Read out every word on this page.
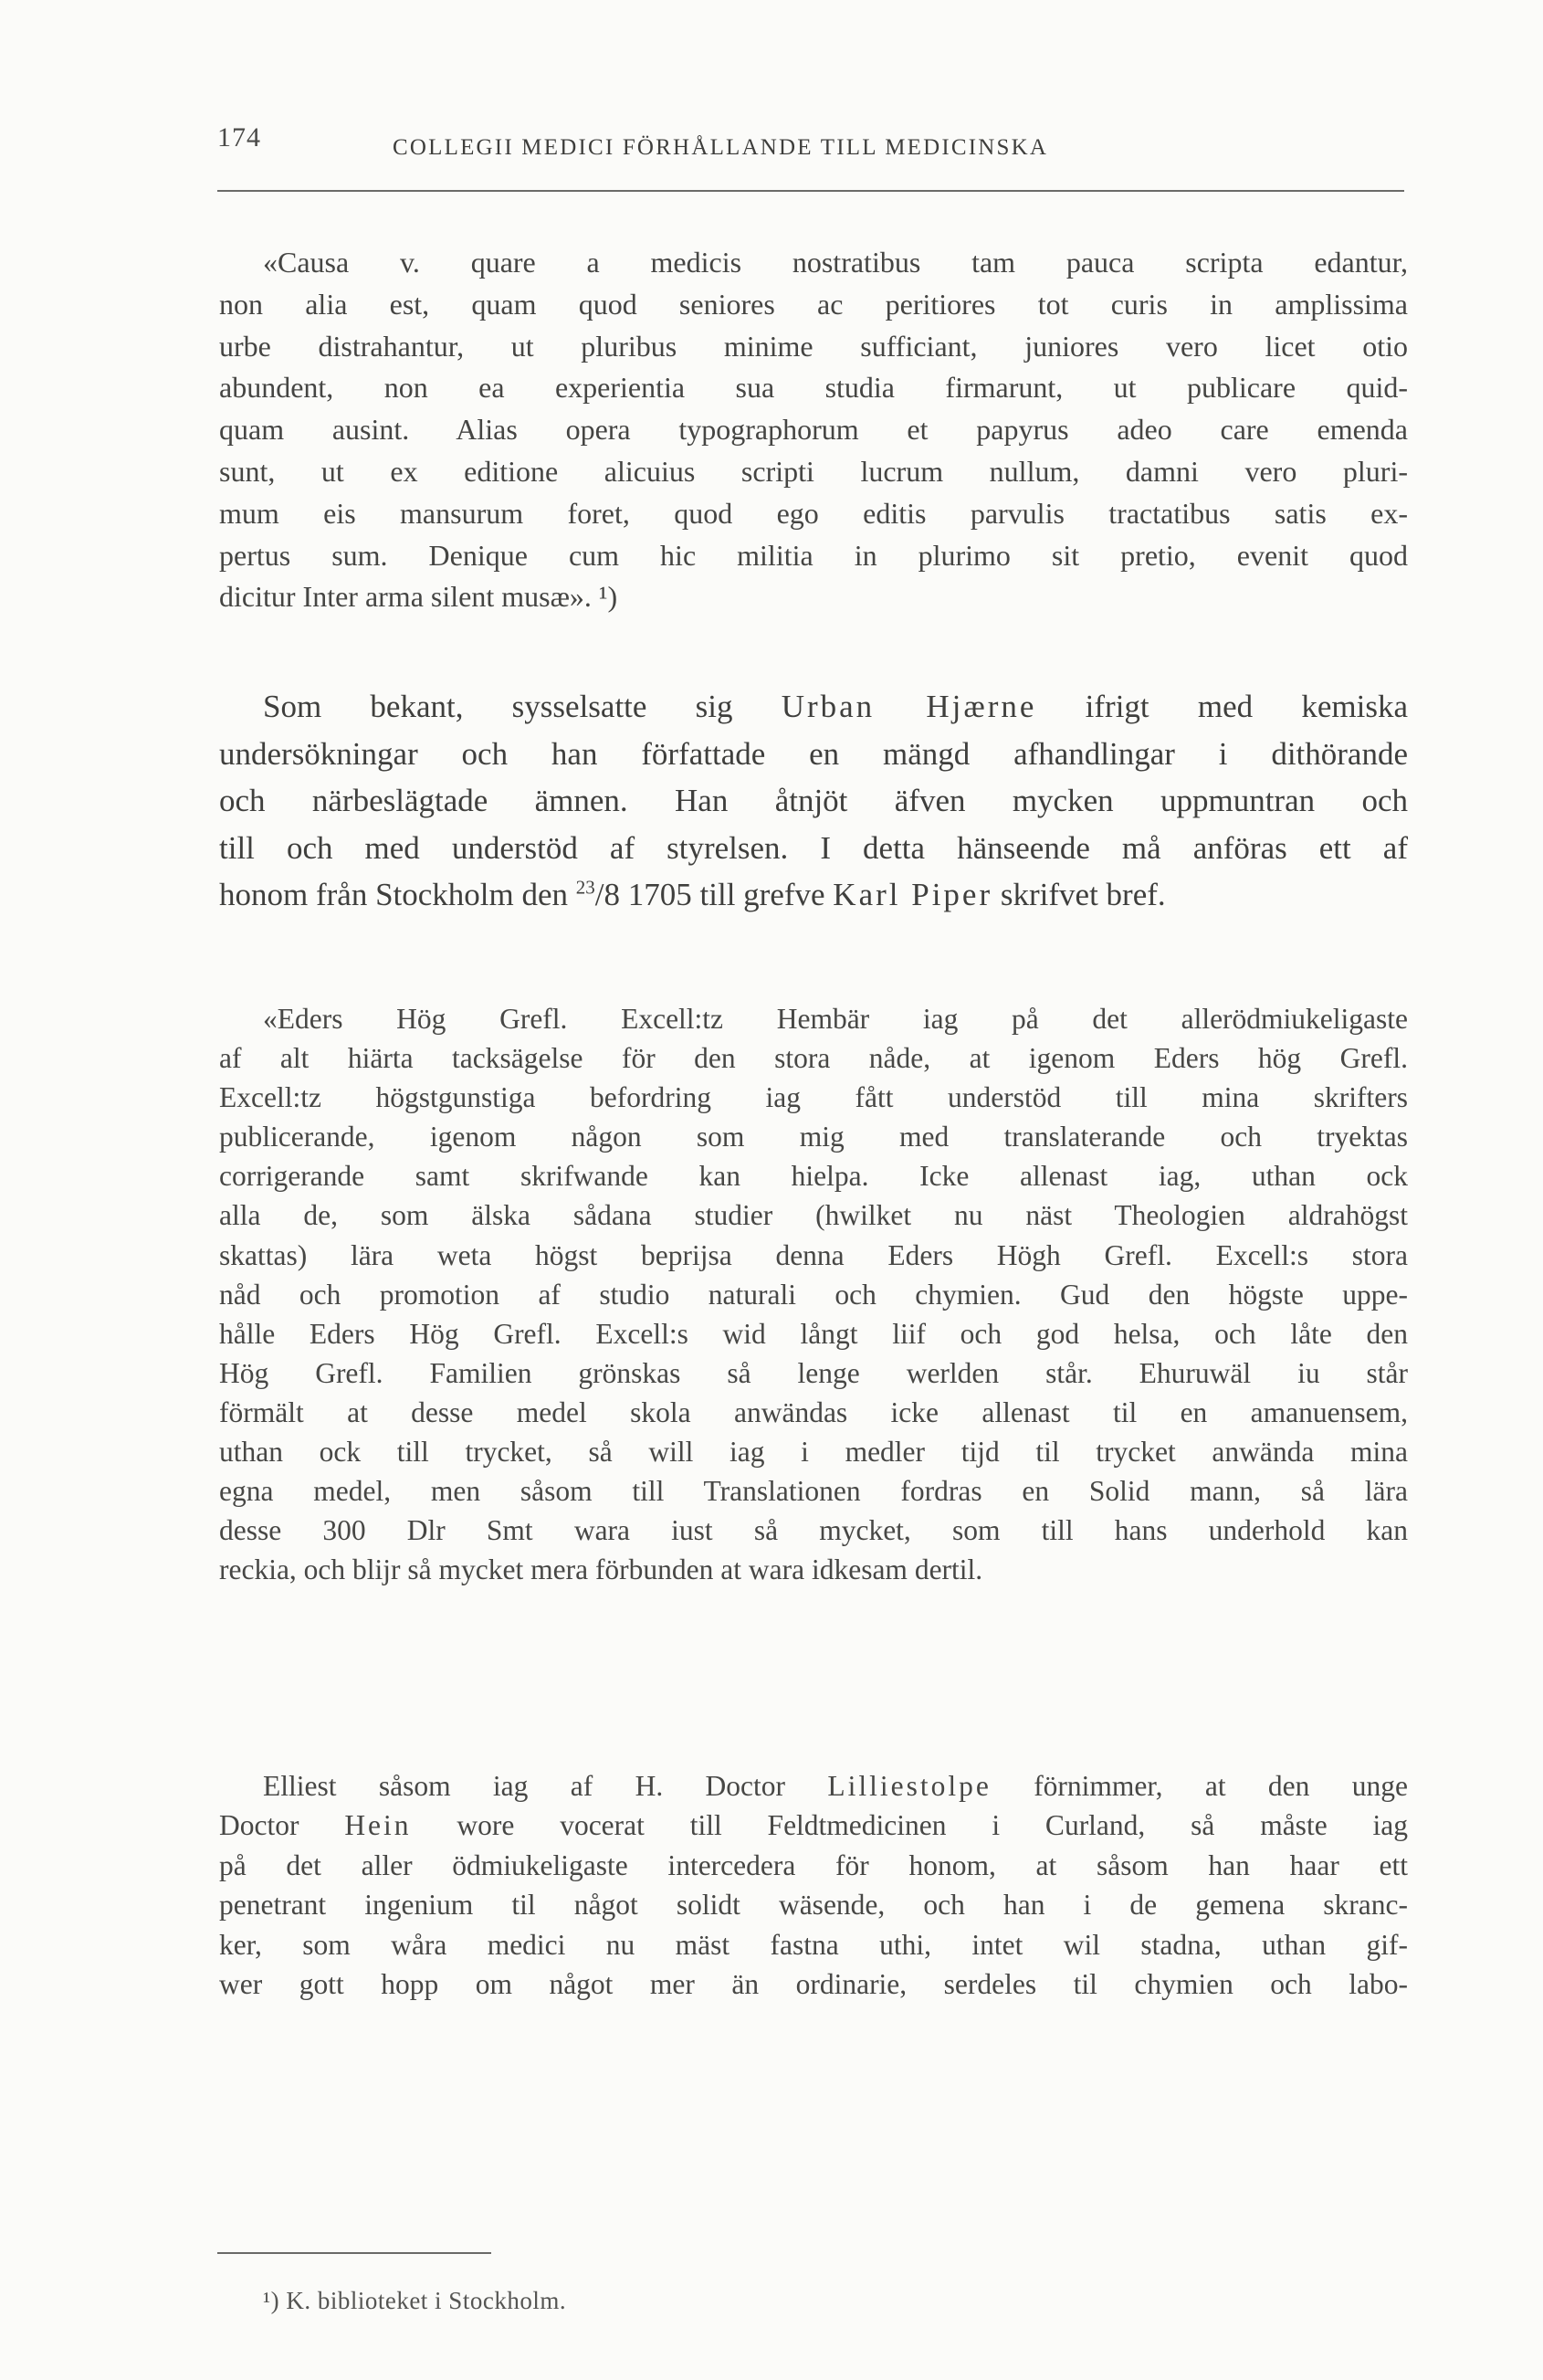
174	COLLEGII MEDICI FÖRHÅLLANDE TILL MEDICINSKA
«Causa v. quare a medicis nostratibus tam pauca scripta edantur,
non alia est, quam quod seniores ac peritiores tot curis in amplissima
urbe distrahantur, ut pluribus minime sufficiant, juniores vero licet otio
abundent, non ea experientia sua studia firmarunt, ut publicare quid-
quam ausint. Alias opera typographorum et papyrus adeo care emenda
sunt, ut ex editione alicuius scripti lucrum nullum, damni vero pluri-
mum eis mansurum foret, quod ego editis parvulis tractatibus satis ex-
pertus sum. Denique cum hic militia in plurimo sit pretio, evenit quod
dicitur Inter arma silent musæ». ¹)
Som bekant, sysselsatte sig Urban Hjærne ifrigt med kemiska
undersökningar och han författade en mängd afhandlingar i dithörande
och närbeslägtade ämnen. Han åtnjöt äfven mycken uppmuntran och
till och med understöd af styrelsen. I detta hänseende må anföras ett af
honom från Stockholm den $^{23}$/8 1705 till grefve Karl Piper skrifvet bref.
«Eders Hög Grefl. Excell:tz Hembär iag på det allerödmiukeligaste
af alt hiärta tacksägelse för den stora nåde, at igenom Eders hög Grefl.
Excell:tz högstgunstiga befordring iag fått understöd till mina skrifters
publicerande, igenom någon som mig med translaterande och tryektas
corrigerande samt skrifwande kan hielpa. Icke allenast iag, uthan ock
alla de, som älska sådana studier (hwilket nu näst Theologien aldrahögst
skattas) lära weta högst beprijsa denna Eders Högh Grefl. Excell:s stora
nåd och promotion af studio naturali och chymien. Gud den högste uppe-
hålle Eders Hög Grefl. Excell:s wid långt liif och god helsa, och låte den
Hög Grefl. Familien grönskas så lenge werlden står. Ehuruwäl iu står
förmält at desse medel skola anwändas icke allenast til en amanuensem,
uthan ock till trycket, så will iag i medler tijd til trycket anwända mina
egna medel, men såsom till Translationen fordras en Solid mann, så lära
desse 300 Dlr Smt wara iust så mycket, som till hans underhold kan
reckia, och blijr så mycket mera förbunden at wara idkesam dertil.
Elliest såsom iag af H. Doctor Lilliestolpe förnimmer, at den unge
Doctor Hein wore vocerat till Feldtmedicinen i Curland, så måste iag
på det aller ödmiukeligaste intercedera för honom, at såsom han haar ett
penetrant ingenium til något solidt wäsende, och han i de gemena skranc-
ker, som wåra medici nu mäst fastna uthi, intet wil stadna, uthan gif-
wer gott hopp om något mer än ordinarie, serdeles til chymien och labo-
¹) K. biblioteket i Stockholm.
